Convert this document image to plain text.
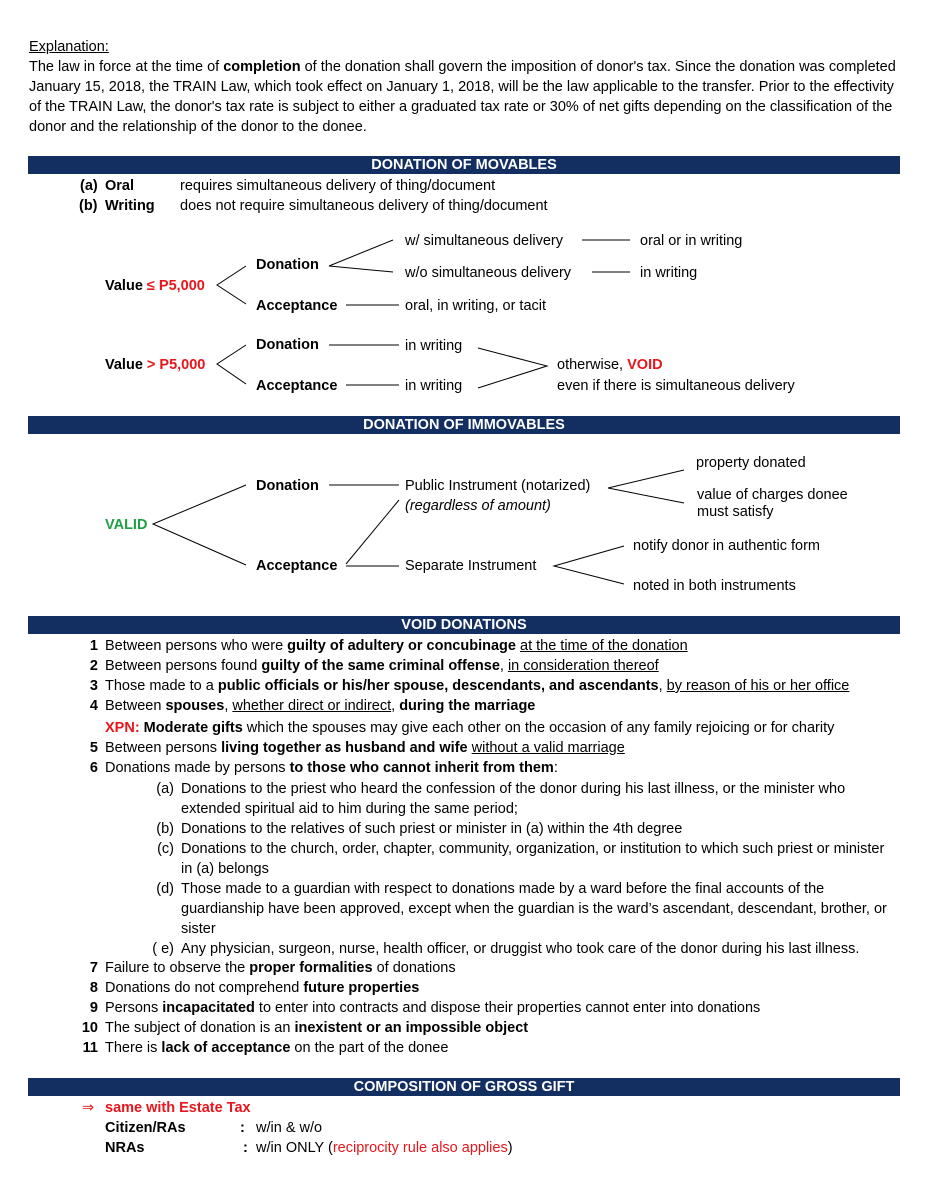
Explanation:
The law in force at the time of completion of the donation shall govern the imposition of donor's tax. Since the donation was completed January 15, 2018, the TRAIN Law, which took effect on January 1, 2018, will be the law applicable to the transfer. Prior to the effectivity of the TRAIN Law, the donor's tax rate is subject to either a graduated tax rate or 30% of net gifts depending on the classification of the donor and the relationship of the donor to the donee.
DONATION OF MOVABLES
(a) Oral	requires simultaneous delivery of thing/document
(b) Writing does not require simultaneous delivery of thing/document
w/ simultaneous delivery	oral or in writing
Donation	w/o simultaneous delivery	in writing
Value ≤ P5,000
Acceptance	oral, in writing, or tacit
Donation	in writing
Value > P5,000	otherwise, VOID
Acceptance	in writing	even if there is simultaneous delivery
DONATION OF IMMOVABLES
property donated
Donation	Public Instrument (notarized)
value of charges donee
(regardless of amount)	must satisfy
VALID
notify donor in authentic form
Acceptance	Separate Instrument
noted in both instruments
VOID DONATIONS
1 Between persons who were guilty of adultery or concubinage at the time of the donation
2 Between persons found guilty of the same criminal offense, in consideration thereof
3 Those made to a public officials or his/her spouse, descendants, and ascendants, by reason of his or her office
4 Between spouses, whether direct or indirect, during the marriage
XPN: Moderate gifts which the spouses may give each other on the occasion of any family rejoicing or for charity
5 Between persons living together as husband and wife without a valid marriage
6 Donations made by persons to those who cannot inherit from them:
(a) Donations to the priest who heard the confession of the donor during his last illness, or the minister who extended spiritual aid to him during the same period;
(b) Donations to the relatives of such priest or minister in (a) within the 4th degree
(c) Donations to the church, order, chapter, community, organization, or institution to which such priest or minister in (a) belongs
(d) Those made to a guardian with respect to donations made by a ward before the final accounts of the guardianship have been approved, except when the guardian is the ward’s ascendant, descendant, brother, or sister
( e) Any physician, surgeon, nurse, health officer, or druggist who took care of the donor during his last illness.
7 Failure to observe the proper formalities of donations
8 Donations do not comprehend future properties
9 Persons incapacitated to enter into contracts and dispose their properties cannot enter into donations
10 The subject of donation is an inexistent or an impossible object
11 There is lack of acceptance on the part of the donee
COMPOSITION OF GROSS GIFT
⇒ same with Estate Tax
Citizen/RAs	: w/in & w/o
NRAs	: w/in ONLY (reciprocity rule also applies)
